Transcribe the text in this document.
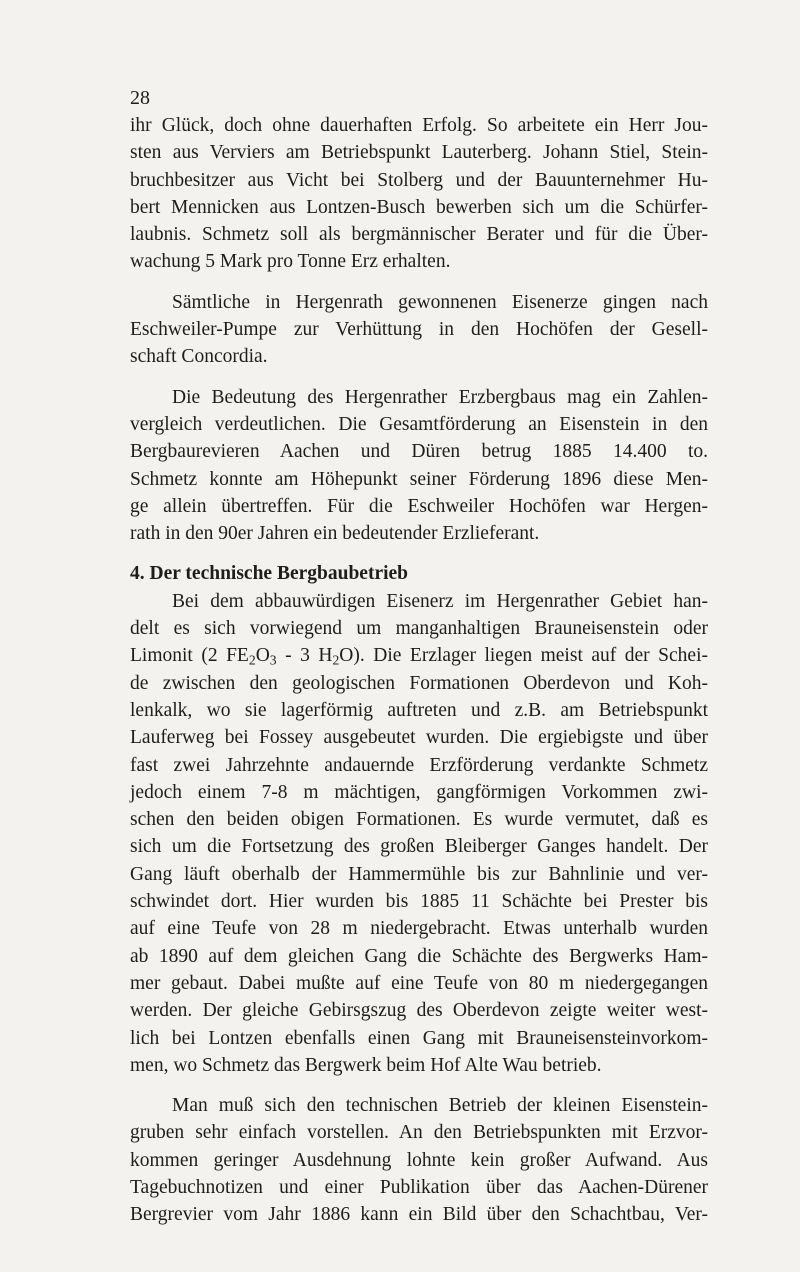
28

ihr Glück, doch ohne dauerhaften Erfolg. So arbeitete ein Herr Jou-
sten aus Verviers am Betriebspunkt Lauterberg. Johann Stiel, Stein-
bruchbesitzer aus Vicht bei Stolberg und der Bauunternehmer Hu-
bert Mennicken aus Lontzen-Busch bewerben sich um die Schürfer-
laubnis. Schmetz soll als bergmännischer Berater und für die Über-
wachung 5 Mark pro Tonne Erz erhalten.
Sämtliche in Hergenrath gewonnenen Eisenerze gingen nach
Eschweiler-Pumpe zur Verhüttung in den Hochöfen der Gesell-
schaft Concordia.
Die Bedeutung des Hergenrather Erzbergbaus mag ein Zahlen-
vergleich verdeutlichen. Die Gesamtförderung an Eisenstein in den
Bergbaurevieren Aachen und Düren betrug 1885 14.400 to.
Schmetz konnte am Höhepunkt seiner Förderung 1896 diese Men-
ge allein übertreffen. Für die Eschweiler Hochöfen war Hergen-
rath in den 90er Jahren ein bedeutender Erzlieferant.

4. Der technische Bergbaubetrieb

Bei dem abbauwürdigen Eisenerz im Hergenrather Gebiet han-
delt es sich vorwiegend um manganhaltigen Brauneisenstein oder
Limonit (2 $FE_2O_3 - 3$ $H_2O$). Die Erzlager liegen meist auf der Schei-
de zwischen den geologischen Formationen Oberdevon und Koh-
lenkalk, wo sie lagerförmig auftreten und z.B. am Betriebspunkt
Lauferweg bei Fossey ausgebeutet wurden. Die ergiebigste und über
fast zwei Jahrzehnte andauernde Erzförderung verdankte Schmetz
jedoch einem 7-8 m mächtigen, gangförmigen Vorkommen zwi-
schen den beiden obigen Formationen. Es wurde vermutet, daß es
sich um die Fortsetzung des großen Bleiberger Ganges handelt. Der
Gang läuft oberhalb der Hammermühle bis zur Bahnlinie und ver-
schwindet dort. Hier wurden bis 1885 11 Schächte bei Prester bis
auf eine Teufe von 28 m niedergebracht. Etwas unterhalb wurden
ab 1890 auf dem gleichen Gang die Schächte des Bergwerks Ham-
mer gebaut. Dabei mußte auf eine Teufe von 80 m niedergegangen
werden. Der gleiche Gebirsgszug des Oberdevon zeigte weiter west-
lich bei Lontzen ebenfalls einen Gang mit Brauneisensteinvorkom-
men, wo Schmetz das Bergwerk beim Hof Alte Wau betrieb.
Man muß sich den technischen Betrieb der kleinen Eisenstein-
gruben sehr einfach vorstellen. An den Betriebspunkten mit Erzvor-
kommen geringer Ausdehnung lohnte kein großer Aufwand. Aus
Tagebuchnotizen und einer Publikation über das Aachen-Dürener
Bergrevier vom Jahr 1886 kann ein Bild über den Schachtbau, Ver-
